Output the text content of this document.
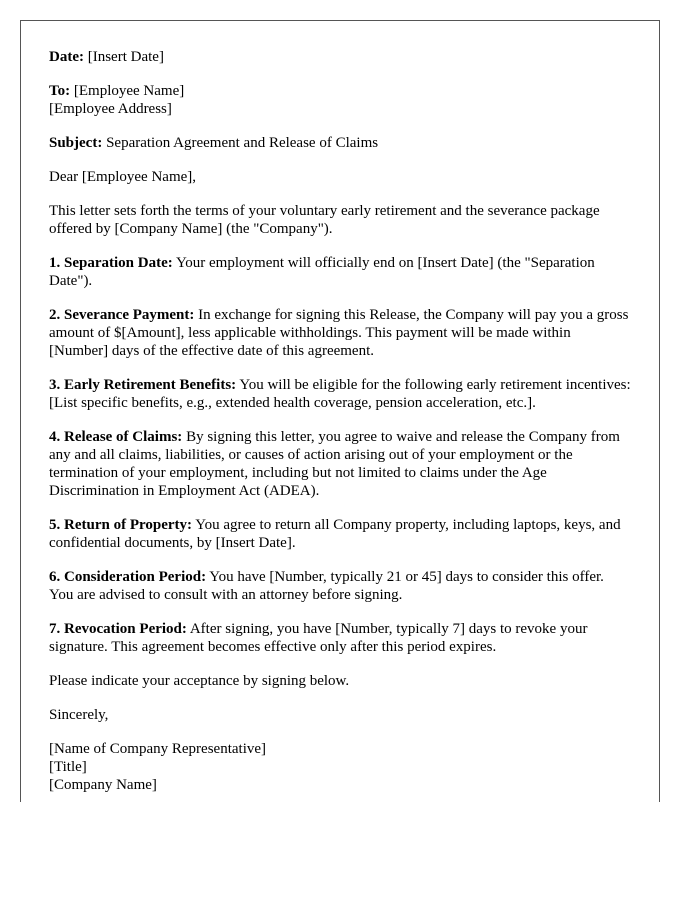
Date: [Insert Date]

To: [Employee Name]
[Employee Address]

Subject: Separation Agreement and Release of Claims

Dear [Employee Name],

This letter sets forth the terms of your voluntary early retirement and the severance package offered by [Company Name] (the "Company").

1. Separation Date: Your employment will officially end on [Insert Date] (the "Separation Date").

2. Severance Payment: In exchange for signing this Release, the Company will pay you a gross amount of $[Amount], less applicable withholdings. This payment will be made within [Number] days of the effective date of this agreement.

3. Early Retirement Benefits: You will be eligible for the following early retirement incentives: [List specific benefits, e.g., extended health coverage, pension acceleration, etc.].

4. Release of Claims: By signing this letter, you agree to waive and release the Company from any and all claims, liabilities, or causes of action arising out of your employment or the termination of your employment, including but not limited to claims under the Age Discrimination in Employment Act (ADEA).

5. Return of Property: You agree to return all Company property, including laptops, keys, and confidential documents, by [Insert Date].

6. Consideration Period: You have [Number, typically 21 or 45] days to consider this offer. You are advised to consult with an attorney before signing.

7. Revocation Period: After signing, you have [Number, typically 7] days to revoke your signature. This agreement becomes effective only after this period expires.

Please indicate your acceptance by signing below.

Sincerely,

[Name of Company Representative]
[Title]
[Company Name]
